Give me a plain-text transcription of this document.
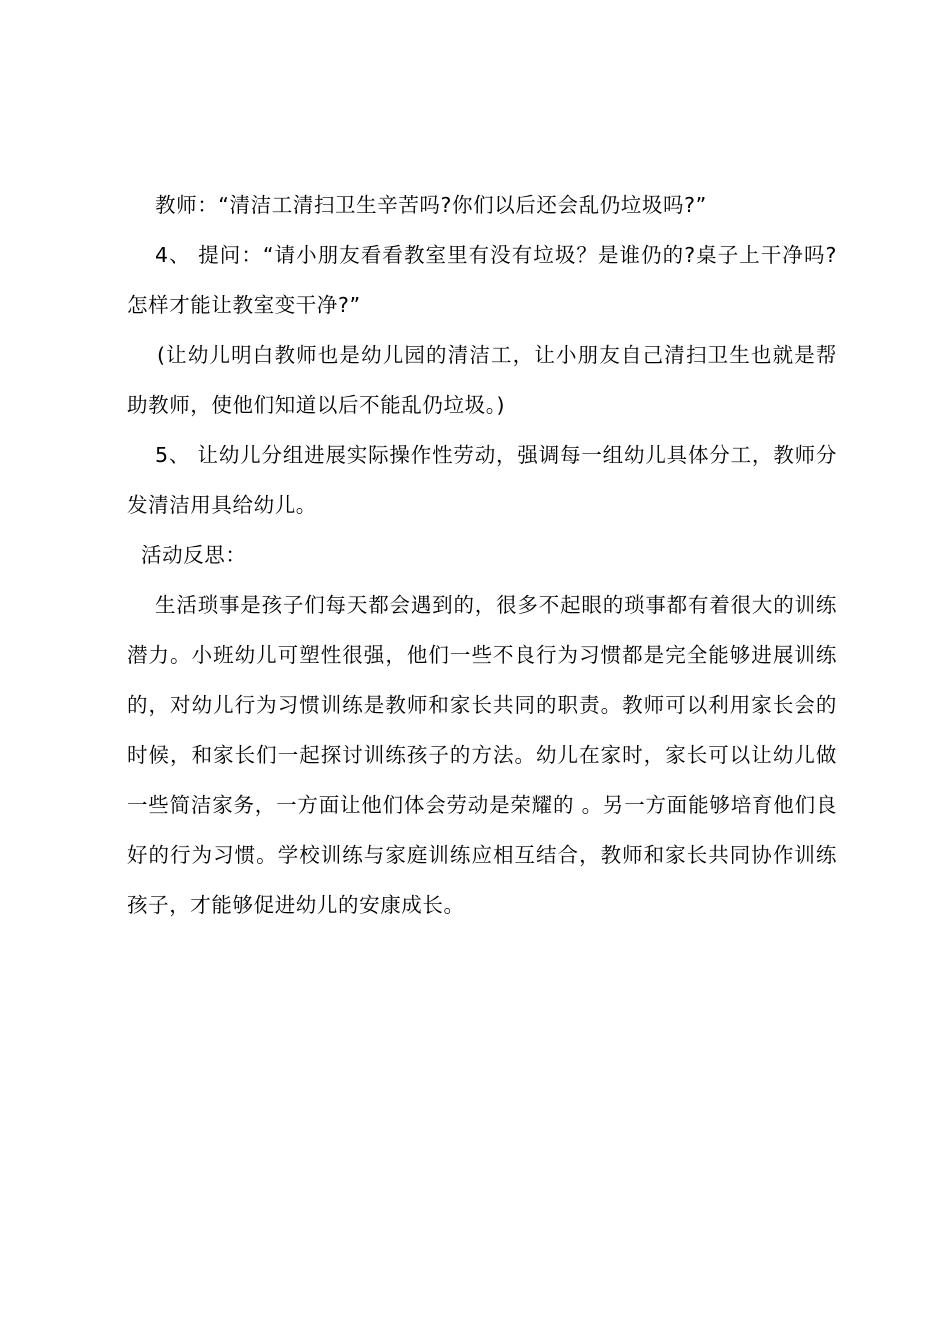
教师：“清洁工清扫卫生辛苦吗?你们以后还会乱仍垃圾吗?”

4、 提问：“请小朋友看看教室里有没有垃圾？是谁仍的?桌子上干净吗?怎样才能让教室变干净?”

(让幼儿明白教师也是幼儿园的清洁工，让小朋友自己清扫卫生也就是帮助教师，使他们知道以后不能乱仍垃圾。)

5、 让幼儿分组进展实际操作性劳动，强调每一组幼儿具体分工，教师分发清洁用具给幼儿。

活动反思：

生活琐事是孩子们每天都会遇到的，很多不起眼的琐事都有着很大的训练潜力。小班幼儿可塑性很强，他们一些不良行为习惯都是完全能够进展训练的，对幼儿行为习惯训练是教师和家长共同的职责。教师可以利用家长会的时候，和家长们一起探讨训练孩子的方法。幼儿在家时，家长可以让幼儿做一些简洁家务，一方面让他们体会劳动是荣耀的 。另一方面能够培育他们良好的行为习惯。学校训练与家庭训练应相互结合，教师和家长共同协作训练孩子，才能够促进幼儿的安康成长。
